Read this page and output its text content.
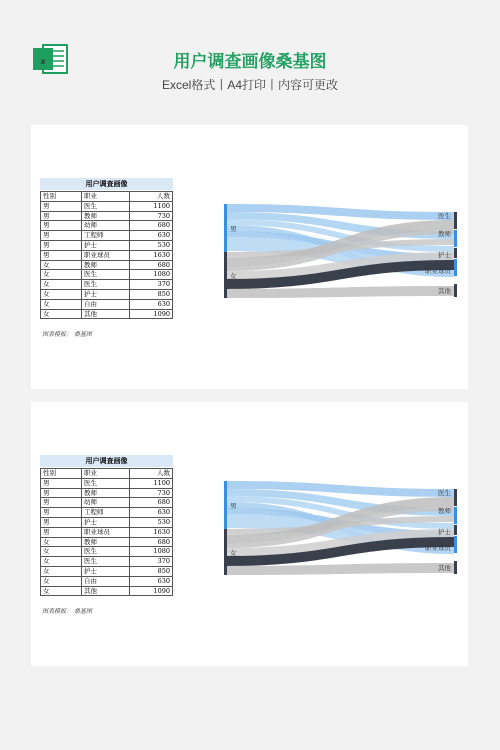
X	用户调查画像桑基图
Excel格式丨A4打印丨内容可更改
用户调查画像
性别	职业	人数
男	医生	1100
男	教师	730
男	幼师	680
男	工程师	630
男	护士	530
男	职业球员	1630
女	教师	680
女	医生	1080
女	医生	370
女	护士	850
女	自由	630
女	其他	1090
图表模板： 桑基图
男
女
医生
教师
护士
职业球员
其他
用户调查画像
性别	职业	人数
男	医生	1100
男	教师	730
男	幼师	680
男	工程师	630
男	护士	530
男	职业球员	1630
女	教师	680
女	医生	1080
女	医生	370
女	护士	850
女	自由	630
女	其他	1090
图表模板： 桑基图
男
女
医生
教师
护士
职业球员
其他
